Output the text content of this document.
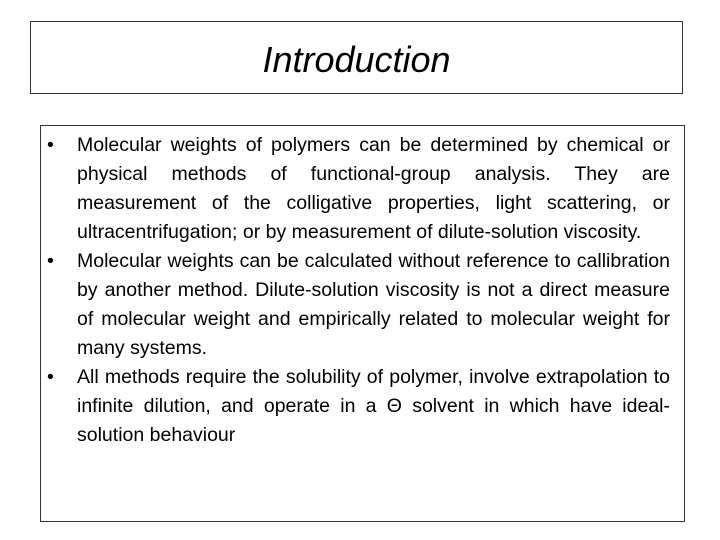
Introduction
•	Molecular weights of polymers can be determined by chemical or physical methods of functional-group analysis. They are measurement of the colligative properties, light scattering, or ultracentrifugation; or by measurement of dilute-solution viscosity.
•	Molecular weights can be calculated without reference to callibration by another method. Dilute-solution viscosity is not a direct measure of molecular weight and empirically related to molecular weight for many systems.
•	All methods require the solubility of polymer, involve extrapolation to infinite dilution, and operate in a Θ solvent in which have ideal-solution behaviour
